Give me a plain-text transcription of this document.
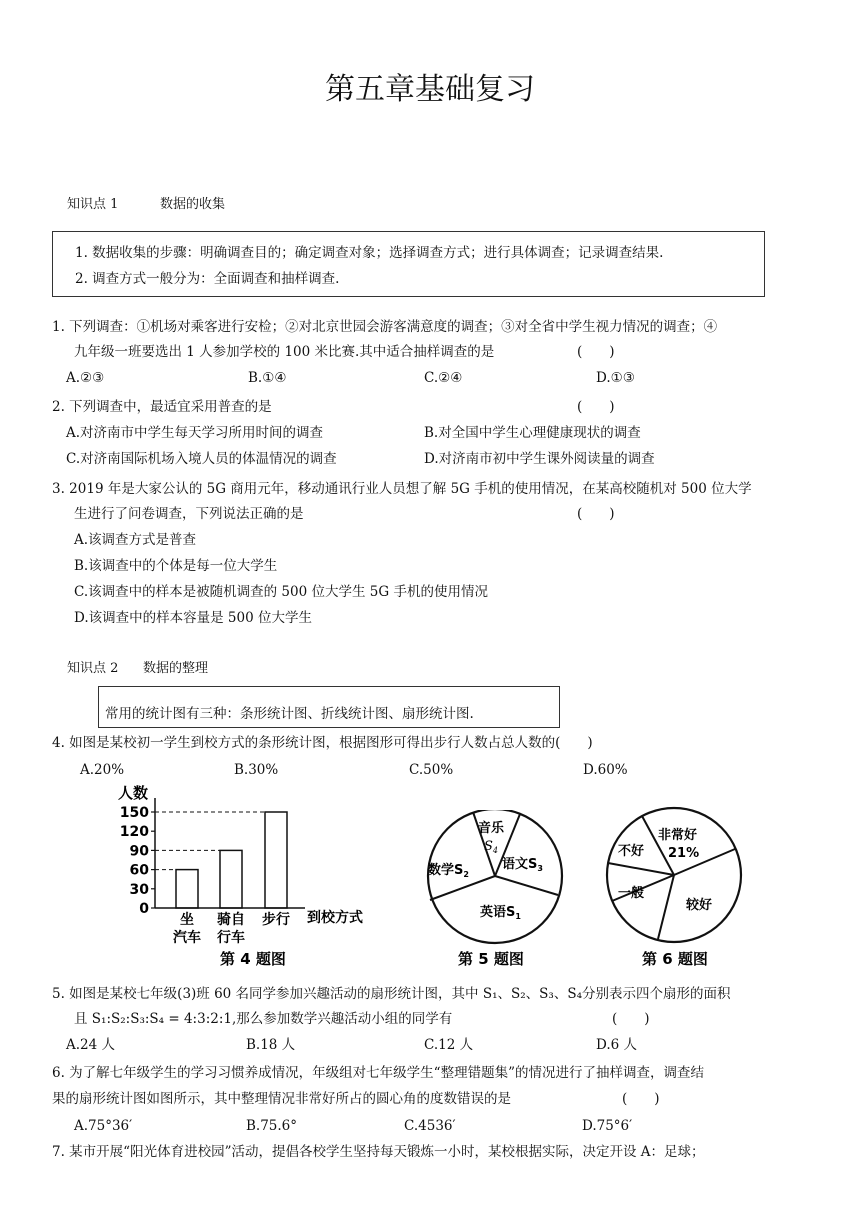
第五章基础复习
知识点 1	数据的收集
1. 数据收集的步骤：明确调查目的；确定调查对象；选择调查方式；进行具体调查；记录调查结果.
2. 调查方式一般分为：全面调查和抽样调查.
1. 下列调查：①机场对乘客进行安检；②对北京世园会游客满意度的调查；③对全省中学生视力情况的调查；④
九年级一班要选出 1 人参加学校的 100 米比赛.其中适合抽样调查的是	(　　)
A.②③	B.①④	C.②④	D.①③
2. 下列调查中，最适宜采用普查的是	(　　)
A.对济南市中学生每天学习所用时间的调查	B.对全国中学生心理健康现状的调查
C.对济南国际机场入境人员的体温情况的调查	D.对济南市初中学生课外阅读量的调查
3. 2019 年是大家公认的 5G 商用元年，移动通讯行业人员想了解 5G 手机的使用情况，在某高校随机对 500 位大学
生进行了问卷调查，下列说法正确的是	(　　)
A.该调查方式是普查
B.该调查中的个体是每一位大学生
C.该调查中的样本是被随机调查的 500 位大学生 5G 手机的使用情况
D.该调查中的样本容量是 500 位大学生
知识点 2 数据的整理
常用的统计图有三种：条形统计图、折线统计图、扇形统计图.
4. 如图是某校初一学生到校方式的条形统计图，根据图形可得出步行人数占总人数的(　　)
A.20%	B.30%	C.50%	D.60%
0
30
60
90
120
150
坐
汽车
骑自
行车
步行
人数
到校方式
第 4 题图
音乐
$S_4$
数学$S_2$
语文$S_3$
英语$S_1$
第 5 题图
非常好
21%
不好
一般
较好
第 6 题图
5. 如图是某校七年级(3)班 60 名同学参加兴趣活动的扇形统计图，其中 S₁、S₂、S₃、S₄分别表示四个扇形的面积
且 S₁:S₂:S₃:S₄ = 4:3:2:1,那么参加数学兴趣活动小组的同学有	(　　)
A.24 人	B.18 人	C.12 人	D.6 人
6. 为了解七年级学生的学习习惯养成情况，年级组对七年级学生“整理错题集”的情况进行了抽样调查，调查结
果的扇形统计图如图所示，其中整理情况非常好所占的圆心角的度数错误的是	(　　)
A.75°36′	B.75.6°	C.4536′	D.75°6′
7. 某市开展“阳光体育进校园”活动，提倡各校学生坚持每天锻炼一小时，某校根据实际，决定开设 A：足球；
